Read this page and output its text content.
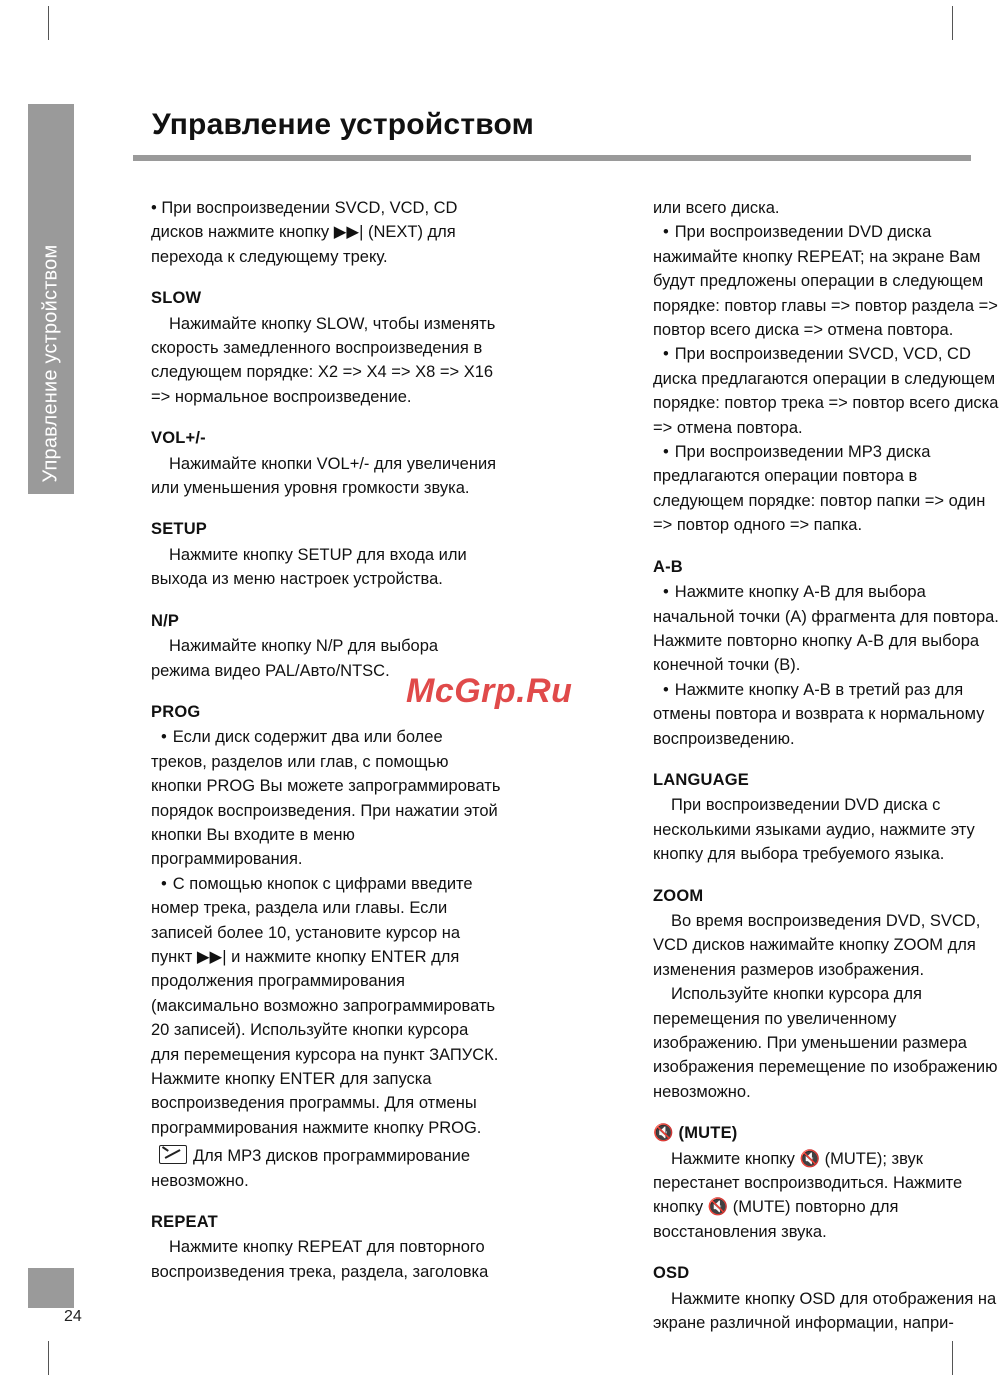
Управление устройством
24
Управление устройством

• При воспроизведении SVCD, VCD, CD дисков нажмите кнопку ▶▶| (NEXT) для перехода к следующему треку.

SLOW

Нажимайте кнопку SLOW, чтобы изменять скорость замедленного воспроизведения в следующем порядке: X2 => X4 => X8 => X16 => нормальное воспроизведение.

VOL+/-

Нажимайте кнопки VOL+/- для увеличения или уменьшения уровня громкости звука.

SETUP

Нажмите кнопку SETUP для входа или выхода из меню настроек устройства.

N/P

Нажимайте кнопку N/P для выбора режима видео PAL/Авто/NTSC.

PROG

• Если диск содержит два или более треков, разделов или глав, с помощью кнопки PROG Вы можете запрограммировать порядок воспроизведения. При нажатии этой кнопки Вы входите в меню программирования.

• С помощью кнопок с цифрами введите номер трека, раздела или главы. Если записей более 10, установите курсор на пункт ▶▶| и нажмите кнопку ENTER для продолжения программирования (максимально возможно запрограммировать 20 записей). Используйте кнопки курсора для перемещения курсора на пункт ЗАПУСК. Нажмите кнопку ENTER для запуска воспроизведения программы. Для отмены программирования нажмите кнопку PROG.

Для MP3 дисков программирование невозможно.

REPEAT

Нажмите кнопку REPEAT для повторного воспроизведения трека, раздела, заголовка

или всего диска.

• При воспроизведении DVD диска нажимайте кнопку REPEAT; на экране Вам будут предложены операции в следующем порядке: повтор главы => повтор раздела => повтор всего диска => отмена повтора.

• При воспроизведении SVCD, VCD, CD диска предлагаются операции в следующем порядке: повтор трека => повтор всего диска => отмена повтора.

• При воспроизведении MP3 диска предлагаются операции повтора в следующем порядке: повтор папки => один => повтор одного => папка.

A-B

• Нажмите кнопку A-B для выбора начальной точки (A) фрагмента для повтора. Нажмите повторно кнопку A-B для выбора конечной точки (B).

• Нажмите кнопку A-B в третий раз для отмены повтора и возврата к нормальному воспроизведению.

LANGUAGE

При воспроизведении DVD диска с несколькими языками аудио, нажмите эту кнопку для выбора требуемого языка.

ZOOM

Во время воспроизведения DVD, SVCD, VCD дисков нажимайте кнопку ZOOM для изменения размеров изображения.

Используйте кнопки курсора для перемещения по увеличенному изображению. При уменьшении размера изображения перемещение по изображению невозможно.

🔇 (MUTE)

Нажмите кнопку 🔇 (MUTE); звук перестанет воспроизводиться. Нажмите кнопку 🔇 (MUTE) повторно для восстановления звука.

OSD

Нажмите кнопку OSD для отображения на экране различной информации, напри-

McGrp.Ru
